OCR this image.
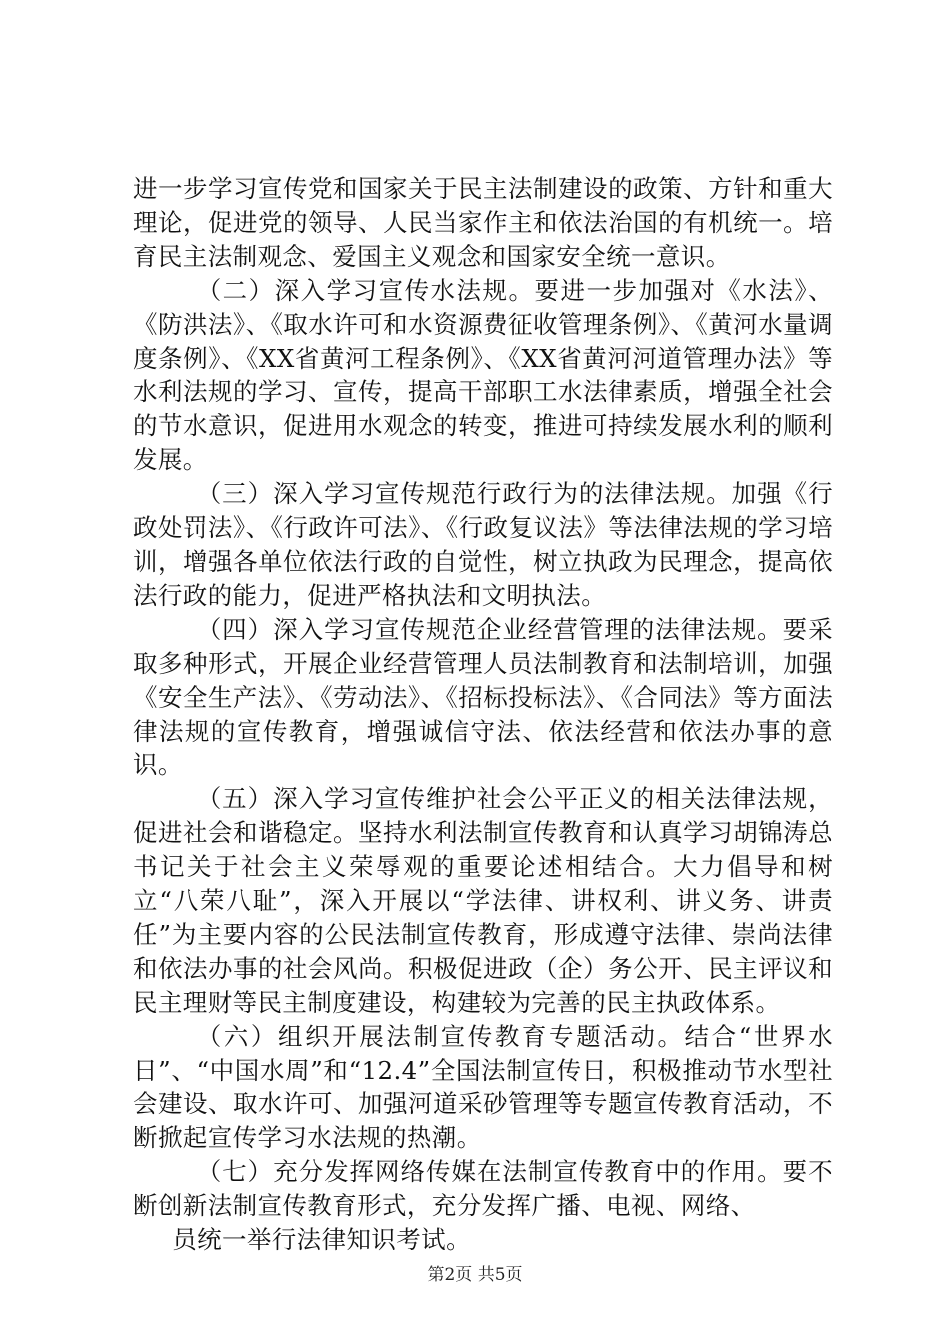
进一步学习宣传党和国家关于民主法制建设的政策、方针和重大理论，促进党的领导、人民当家作主和依法治国的有机统一。培育民主法制观念、爱国主义观念和国家安全统一意识。

（二）深入学习宣传水法规。要进一步加强对《水法》、《防洪法》、《取水许可和水资源费征收管理条例》、《黄河水量调度条例》、《XX省黄河工程条例》、《XX省黄河河道管理办法》等水利法规的学习、宣传，提高干部职工水法律素质，增强全社会的节水意识，促进用水观念的转变，推进可持续发展水利的顺利发展。

（三）深入学习宣传规范行政行为的法律法规。加强《行政处罚法》、《行政许可法》、《行政复议法》等法律法规的学习培训，增强各单位依法行政的自觉性，树立执政为民理念，提高依法行政的能力，促进严格执法和文明执法。

（四）深入学习宣传规范企业经营管理的法律法规。要采取多种形式，开展企业经营管理人员法制教育和法制培训，加强《安全生产法》、《劳动法》、《招标投标法》、《合同法》等方面法律法规的宣传教育，增强诚信守法、依法经营和依法办事的意识。

（五）深入学习宣传维护社会公平正义的相关法律法规，促进社会和谐稳定。坚持水利法制宣传教育和认真学习胡锦涛总书记关于社会主义荣辱观的重要论述相结合。大力倡导和树立“八荣八耻”，深入开展以“学法律、讲权利、讲义务、讲责任”为主要内容的公民法制宣传教育，形成遵守法律、崇尚法律和依法办事的社会风尚。积极促进政（企）务公开、民主评议和民主理财等民主制度建设，构建较为完善的民主执政体系。

（六）组织开展法制宣传教育专题活动。结合“世界水日”、“中国水周”和“12.4”全国法制宣传日，积极推动节水型社会建设、取水许可、加强河道采砂管理等专题宣传教育活动，不断掀起宣传学习水法规的热潮。

（七）充分发挥网络传媒在法制宣传教育中的作用。要不断创新法制宣传教育形式，充分发挥广播、电视、网络、

员统一举行法律知识考试。

第2页 共5页
